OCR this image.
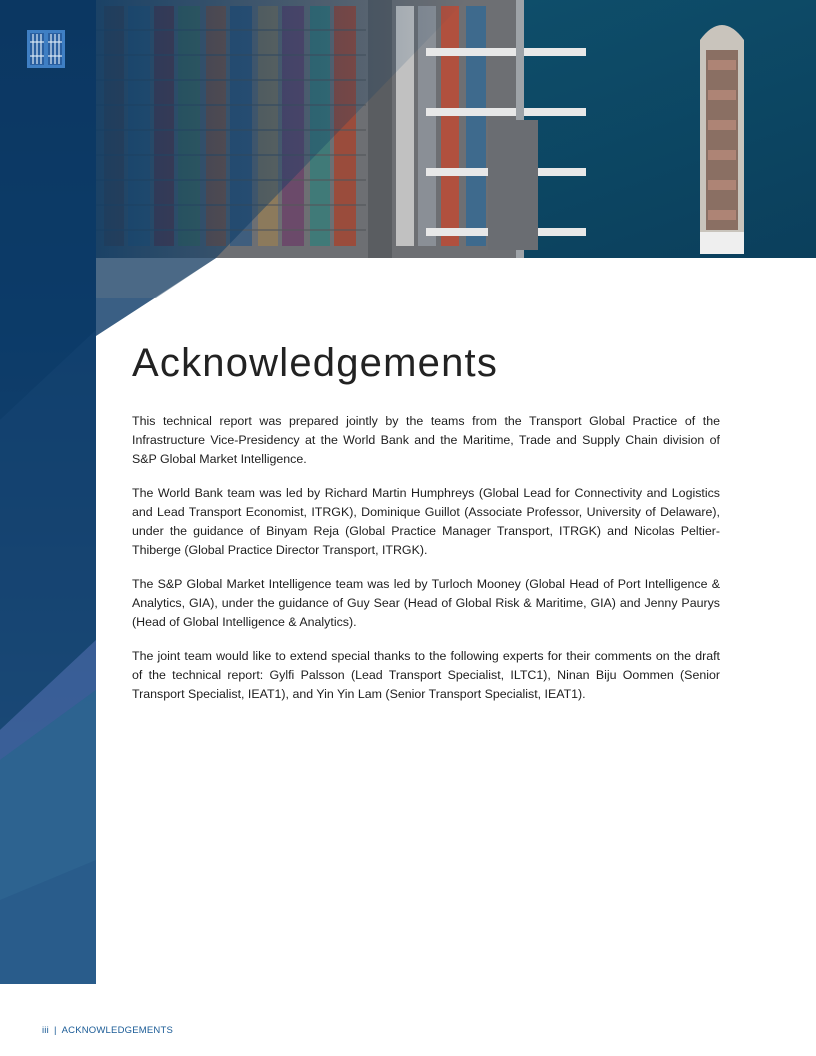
Acknowledgements

This technical report was prepared jointly by the teams from the Transport Global Practice of the Infrastructure Vice-Presidency at the World Bank and the Maritime, Trade and Supply Chain division of S&P Global Market Intelligence.

The World Bank team was led by Richard Martin Humphreys (Global Lead for Connectivity and Logistics and Lead Transport Economist, ITRGK), Dominique Guillot (Associate Professor, University of Delaware), under the guidance of Binyam Reja (Global Practice Manager Transport, ITRGK) and Nicolas Peltier-Thiberge (Global Practice Director Transport, ITRGK).

The S&P Global Market Intelligence team was led by Turloch Mooney (Global Head of Port Intelligence & Analytics, GIA), under the guidance of Guy Sear (Head of Global Risk & Maritime, GIA) and Jenny Paurys (Head of Global Intelligence & Analytics).

The joint team would like to extend special thanks to the following experts for their comments on the draft of the technical report: Gylfi Palsson (Lead Transport Specialist, ILTC1), Ninan Biju Oommen (Senior Transport Specialist, IEAT1), and Yin Yin Lam (Senior Transport Specialist, IEAT1).

iii | ACKNOWLEDGEMENTS
